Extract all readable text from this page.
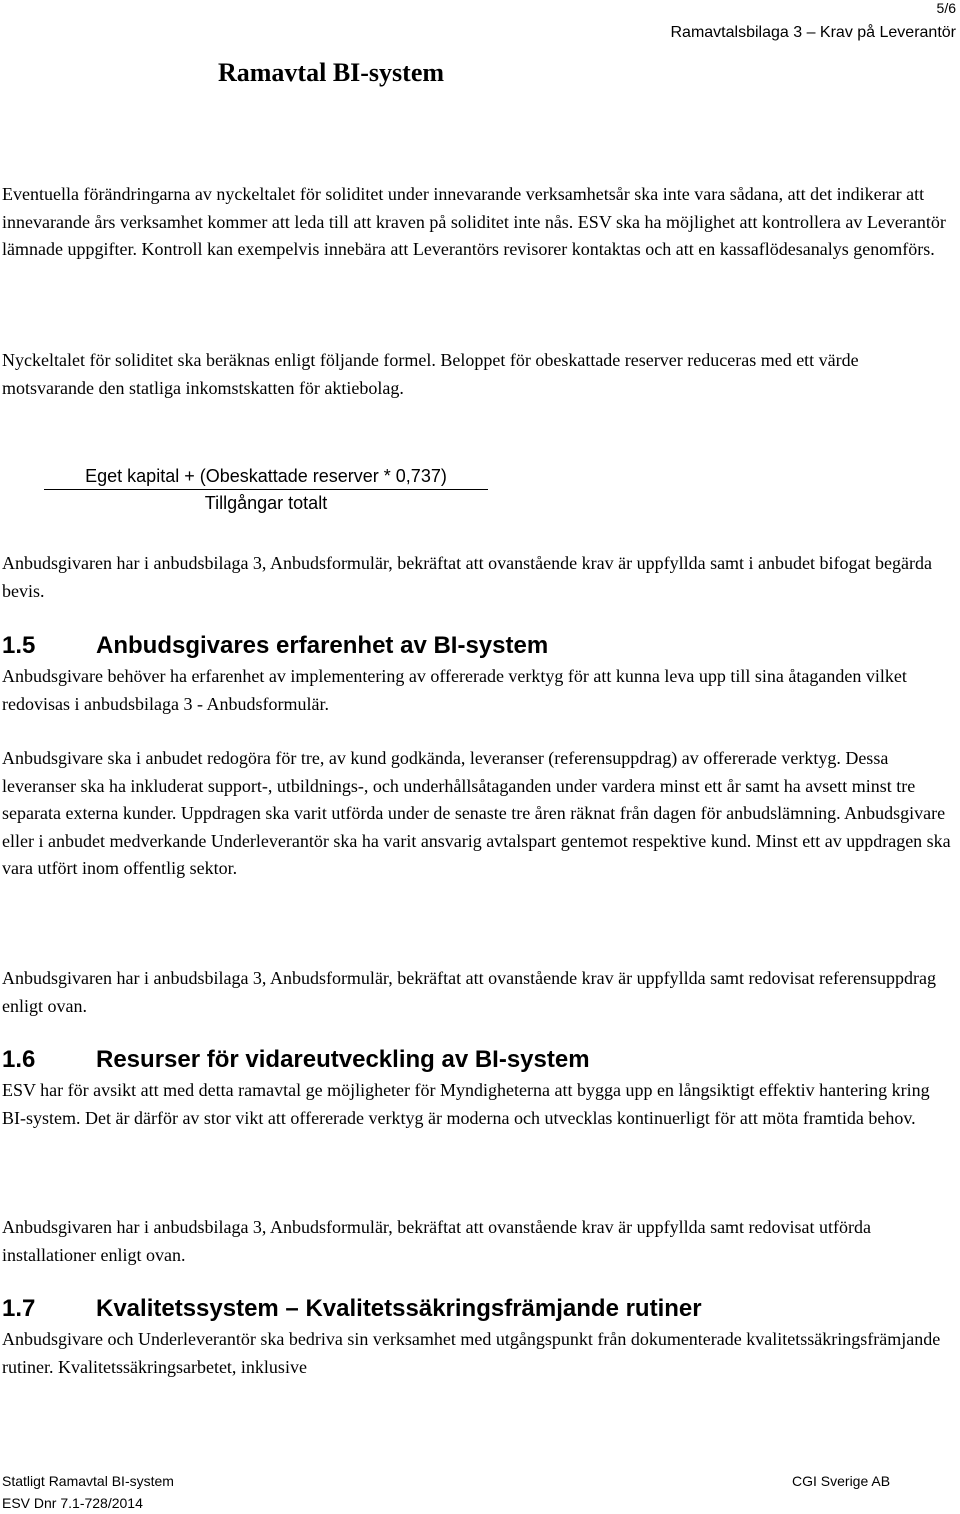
5/6
Ramavtalsbilaga 3 – Krav på Leverantör
Ramavtal BI-system

Eventuella förändringarna av nyckeltalet för soliditet under innevarande verksamhetsår ska inte vara sådana, att det indikerar att innevarande års verksamhet kommer att leda till att kraven på soliditet inte nås. ESV ska ha möjlighet att kontrollera av Leverantör lämnade uppgifter. Kontroll kan exempelvis innebära att Leverantörs revisorer kontaktas och att en kassaflödesanalys genomförs.

Nyckeltalet för soliditet ska beräknas enligt följande formel. Beloppet för obeskattade reserver reduceras med ett värde motsvarande den statliga inkomstskatten för aktiebolag.

Eget kapital + (Obeskattade reserver * 0,737)
Tillgångar totalt

Anbudsgivaren har i anbudsbilaga 3, Anbudsformulär, bekräftat att ovanstående krav är uppfyllda samt i anbudet bifogat begärda bevis.

1.5	Anbudsgivares erfarenhet av BI-system

Anbudsgivare behöver ha erfarenhet av implementering av offererade verktyg för att kunna leva upp till sina åtaganden vilket redovisas i anbudsbilaga 3 - Anbudsformulär.

Anbudsgivare ska i anbudet redogöra för tre, av kund godkända, leveranser (referensuppdrag) av offererade verktyg. Dessa leveranser ska ha inkluderat support-, utbildnings-, och underhållsåtaganden under vardera minst ett år samt ha avsett minst tre separata externa kunder. Uppdragen ska varit utförda under de senaste tre åren räknat från dagen för anbudslämning. Anbudsgivare eller i anbudet medverkande Underleverantör ska ha varit ansvarig avtalspart gentemot respektive kund. Minst ett av uppdragen ska vara utfört inom offentlig sektor.

Anbudsgivaren har i anbudsbilaga 3, Anbudsformulär, bekräftat att ovanstående krav är uppfyllda samt redovisat referensuppdrag enligt ovan.

1.6	Resurser för vidareutveckling av BI-system

ESV har för avsikt att med detta ramavtal ge möjligheter för Myndigheterna att bygga upp en långsiktigt effektiv hantering kring BI-system. Det är därför av stor vikt att offererade verktyg är moderna och utvecklas kontinuerligt för att möta framtida behov.

Anbudsgivaren har i anbudsbilaga 3, Anbudsformulär, bekräftat att ovanstående krav är uppfyllda samt redovisat utförda installationer enligt ovan.

1.7	Kvalitetssystem – Kvalitetssäkringsfrämjande rutiner

Anbudsgivare och Underleverantör ska bedriva sin verksamhet med utgångspunkt från dokumenterade kvalitetssäkringsfrämjande rutiner. Kvalitetssäkringsarbetet, inklusive

Statligt Ramavtal BI-system
ESV Dnr 7.1-728/2014
CGI Sverige AB
